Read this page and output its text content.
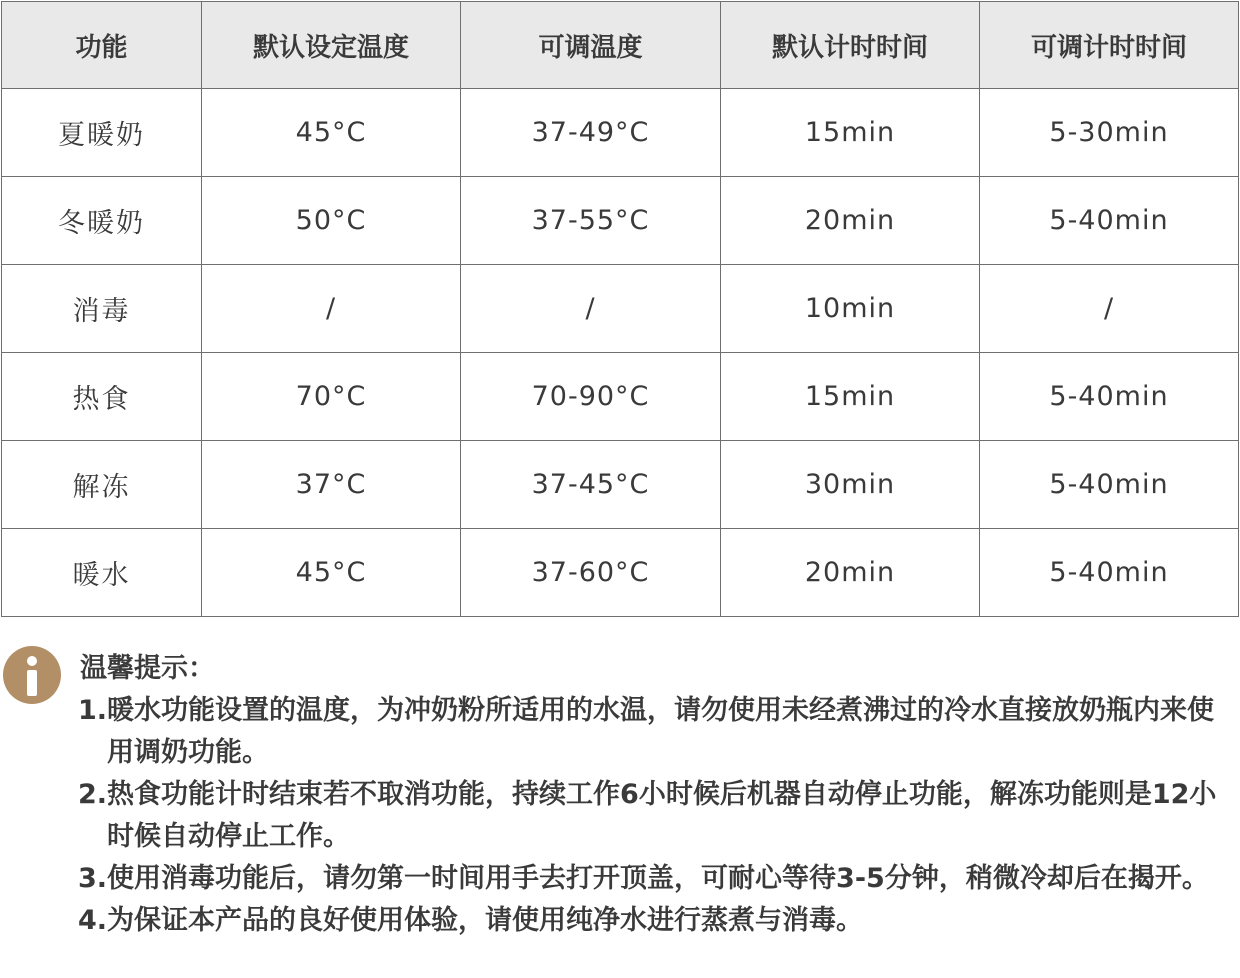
功能	默认设定温度	可调温度	默认计时时间	可调计时时间
夏暖奶	45°C	37-49°C	15min	5-30min
冬暖奶	50°C	37-55°C	20min	5-40min
消毒	/	/	10min	/
热食	70°C	70-90°C	15min	5-40min
解冻	37°C	37-45°C	30min	5-40min
暖水	45°C	37-60°C	20min	5-40min
温馨提示：
1. 暖水功能设置的温度，为冲奶粉所适用的水温，请勿使用未经煮沸过的冷水直接放奶瓶内来使用调奶功能。
2. 热食功能计时结束若不取消功能，持续工作6小时候后机器自动停止功能，解冻功能则是12小时候自动停止工作。
3. 使用消毒功能后，请勿第一时间用手去打开顶盖，可耐心等待3-5分钟，稍微冷却后在揭开。
4. 为保证本产品的良好使用体验，请使用纯净水进行蒸煮与消毒。
